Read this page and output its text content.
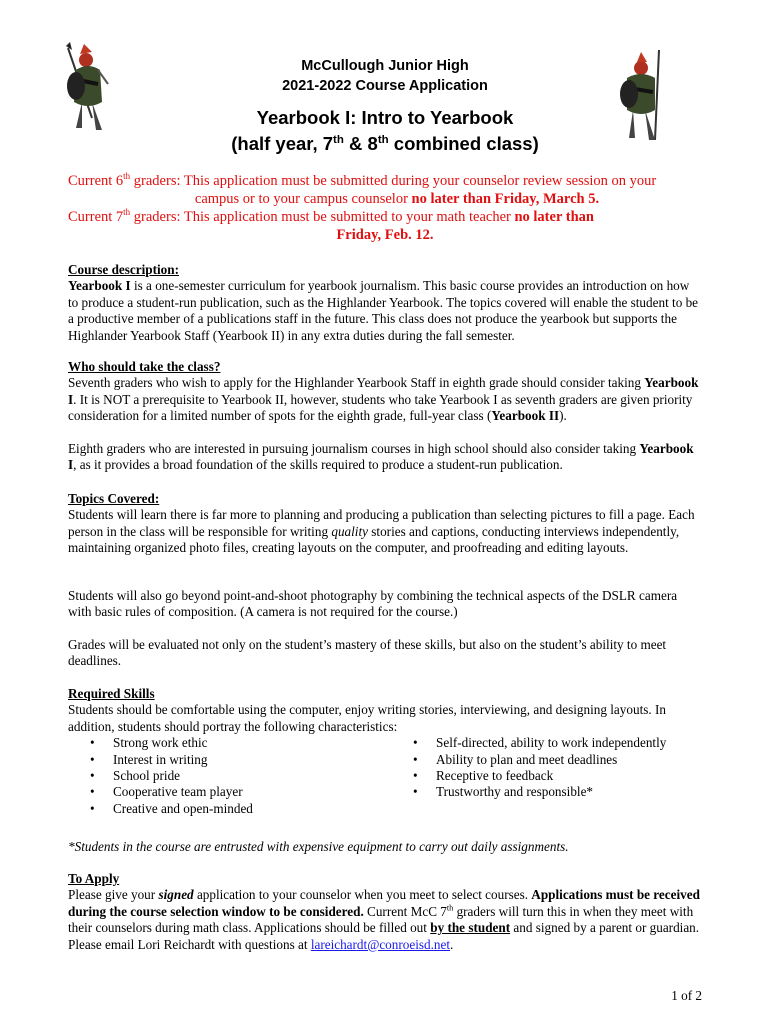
McCullough Junior High
2021-2022 Course Application
Yearbook I: Intro to Yearbook
(half year, 7th & 8th combined class)
Current 6th graders: This application must be submitted during your counselor review session on your
campus or to your campus counselor no later than Friday, March 5.
Current 7th graders: This application must be submitted to your math teacher no later than
Friday, Feb. 12.

Course description:

Yearbook I is a one-semester curriculum for yearbook journalism. This basic course provides an introduction on how to produce a student-run publication, such as the Highlander Yearbook. The topics covered will enable the student to be a productive member of a publications staff in the future. This class does not produce the yearbook but supports the Highlander Yearbook Staff (Yearbook II) in any extra duties during the fall semester.

Who should take the class?

Seventh graders who wish to apply for the Highlander Yearbook Staff in eighth grade should consider taking Yearbook I. It is NOT a prerequisite to Yearbook II, however, students who take Yearbook I as seventh graders are given priority consideration for a limited number of spots for the eighth grade, full-year class (Yearbook II).

Eighth graders who are interested in pursuing journalism courses in high school should also consider taking Yearbook I, as it provides a broad foundation of the skills required to produce a student-run publication.

Topics Covered:

Students will learn there is far more to planning and producing a publication than selecting pictures to fill a page. Each person in the class will be responsible for writing quality stories and captions, conducting interviews independently, maintaining organized photo files, creating layouts on the computer, and proofreading and editing layouts.

Students will also go beyond point-and-shoot photography by combining the technical aspects of the DSLR camera with basic rules of composition. (A camera is not required for the course.)

Grades will be evaluated not only on the student’s mastery of these skills, but also on the student’s ability to meet deadlines.

Required Skills

Students should be comfortable using the computer, enjoy writing stories, interviewing, and designing layouts. In addition, students should portray the following characteristics:

• Strong work ethic
• Interest in writing
• School pride
• Cooperative team player
• Creative and open-minded
• Self-directed, ability to work independently
• Ability to plan and meet deadlines
• Receptive to feedback
• Trustworthy and responsible*
*Students in the course are entrusted with expensive equipment to carry out daily assignments.

To Apply

Please give your signed application to your counselor when you meet to select courses. Applications must be received during the course selection window to be considered. Current McC 7th graders will turn this in when they meet with their counselors during math class. Applications should be filled out by the student and signed by a parent or guardian. Please email Lori Reichardt with questions at lareichardt@conroeisd.net.

1 of 2
